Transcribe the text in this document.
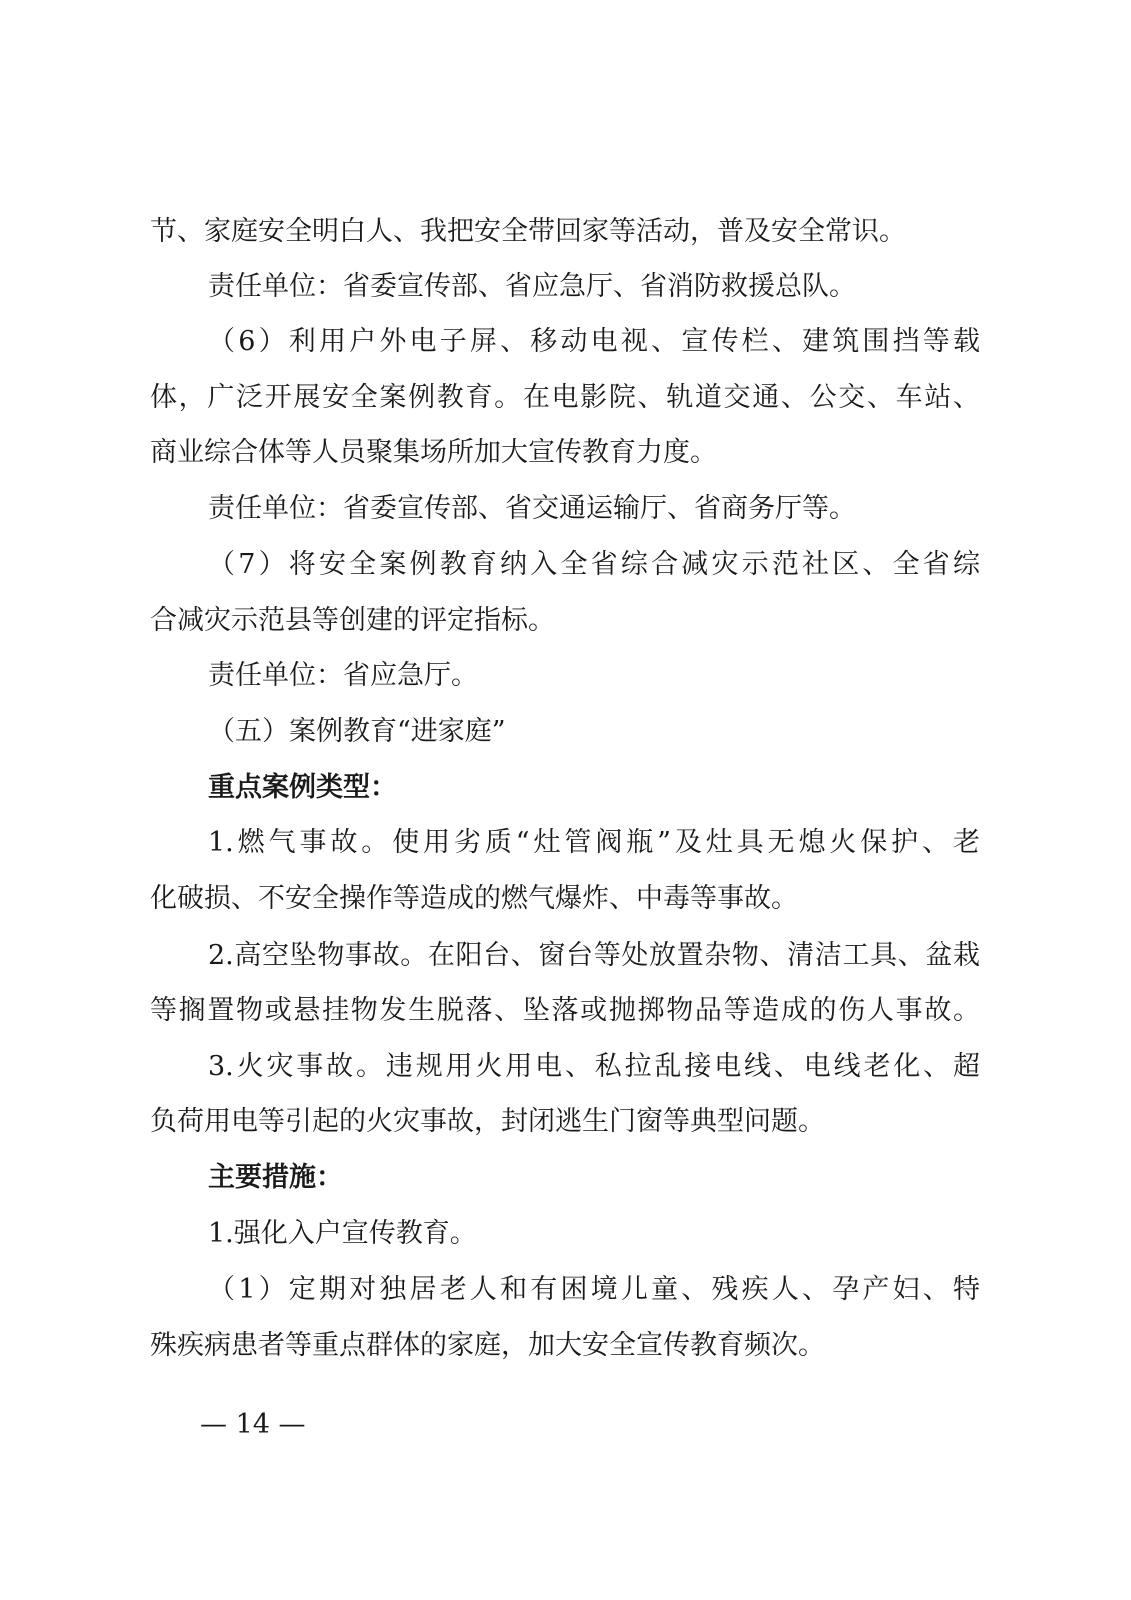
节、家庭安全明白人、我把安全带回家等活动，普及安全常识。
责任单位：省委宣传部、省应急厅、省消防救援总队。
（6）利用户外电子屏、移动电视、宣传栏、建筑围挡等载
体，广泛开展安全案例教育。在电影院、轨道交通、公交、车站、
商业综合体等人员聚集场所加大宣传教育力度。
责任单位：省委宣传部、省交通运输厅、省商务厅等。
（7）将安全案例教育纳入全省综合减灾示范社区、全省综
合减灾示范县等创建的评定指标。
责任单位：省应急厅。
（五）案例教育“进家庭”
重点案例类型：
1.燃气事故。使用劣质“灶管阀瓶”及灶具无熄火保护、老
化破损、不安全操作等造成的燃气爆炸、中毒等事故。
2.高空坠物事故。在阳台、窗台等处放置杂物、清洁工具、盆栽
等搁置物或悬挂物发生脱落、坠落或抛掷物品等造成的伤人事故。
3.火灾事故。违规用火用电、私拉乱接电线、电线老化、超
负荷用电等引起的火灾事故，封闭逃生门窗等典型问题。
主要措施：
1.强化入户宣传教育。
（1）定期对独居老人和有困境儿童、残疾人、孕产妇、特
殊疾病患者等重点群体的家庭，加大安全宣传教育频次。
— 14 —
